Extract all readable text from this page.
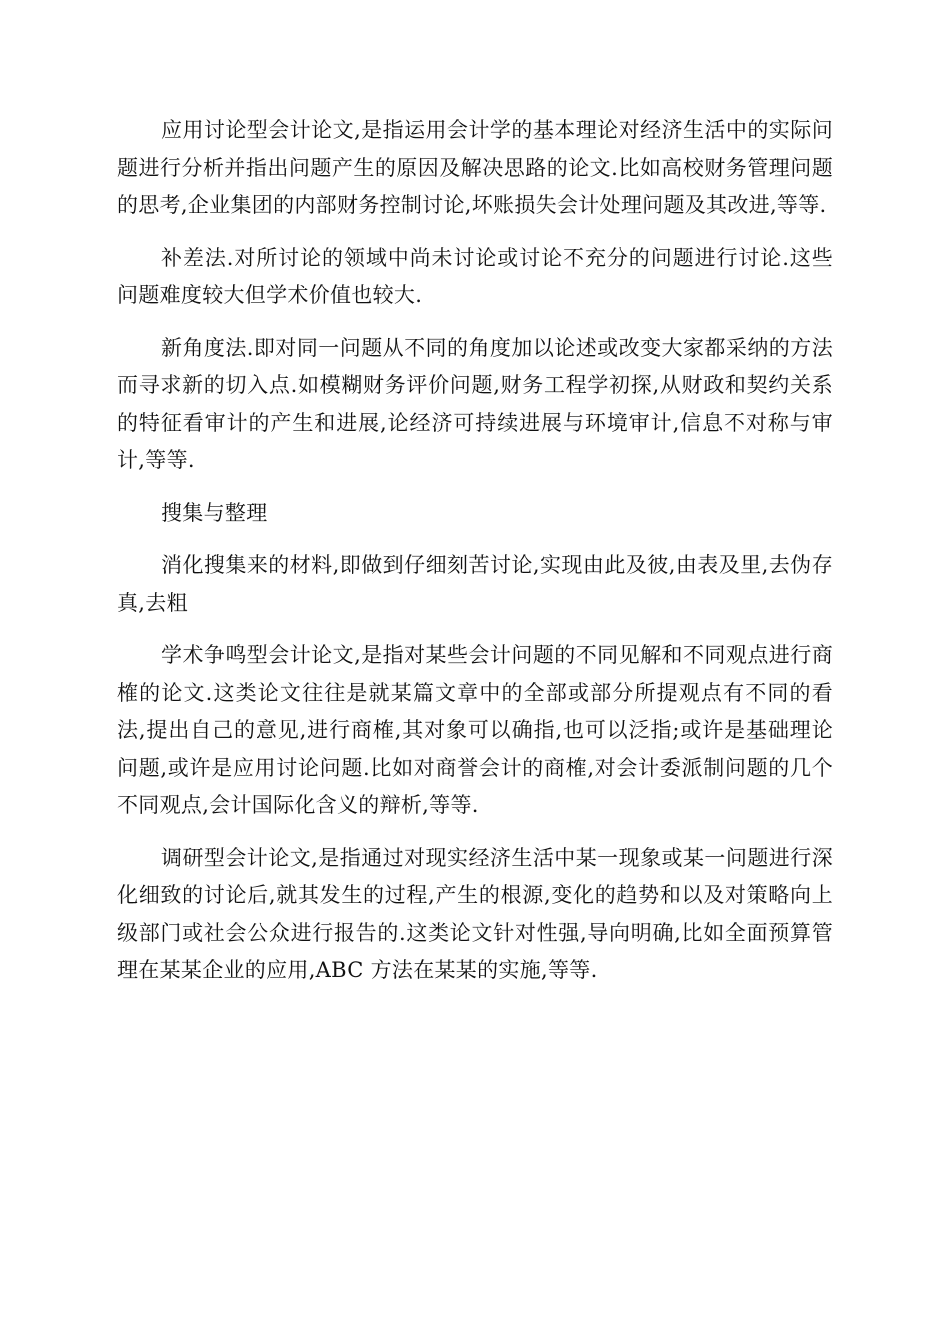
应用讨论型会计论文,是指运用会计学的基本理论对经济生活中的实际问题进行分析并指出问题产生的原因及解决思路的论文.比如高校财务管理问题的思考,企业集团的内部财务控制讨论,坏账损失会计处理问题及其改进,等等.

补差法.对所讨论的领域中尚未讨论或讨论不充分的问题进行讨论.这些问题难度较大但学术价值也较大.

新角度法.即对同一问题从不同的角度加以论述或改变大家都采纳的方法而寻求新的切入点.如模糊财务评价问题,财务工程学初探,从财政和契约关系的特征看审计的产生和进展,论经济可持续进展与环境审计,信息不对称与审计,等等.

搜集与整理

消化搜集来的材料,即做到仔细刻苦讨论,实现由此及彼,由表及里,去伪存真,去粗

学术争鸣型会计论文,是指对某些会计问题的不同见解和不同观点进行商榷的论文.这类论文往往是就某篇文章中的全部或部分所提观点有不同的看法,提出自己的意见,进行商榷,其对象可以确指,也可以泛指;或许是基础理论问题,或许是应用讨论问题.比如对商誉会计的商榷,对会计委派制问题的几个不同观点,会计国际化含义的辩析,等等.

调研型会计论文,是指通过对现实经济生活中某一现象或某一问题进行深化细致的讨论后,就其发生的过程,产生的根源,变化的趋势和以及对策略向上级部门或社会公众进行报告的.这类论文针对性强,导向明确,比如全面预算管理在某某企业的应用,ABC 方法在某某的实施,等等.
